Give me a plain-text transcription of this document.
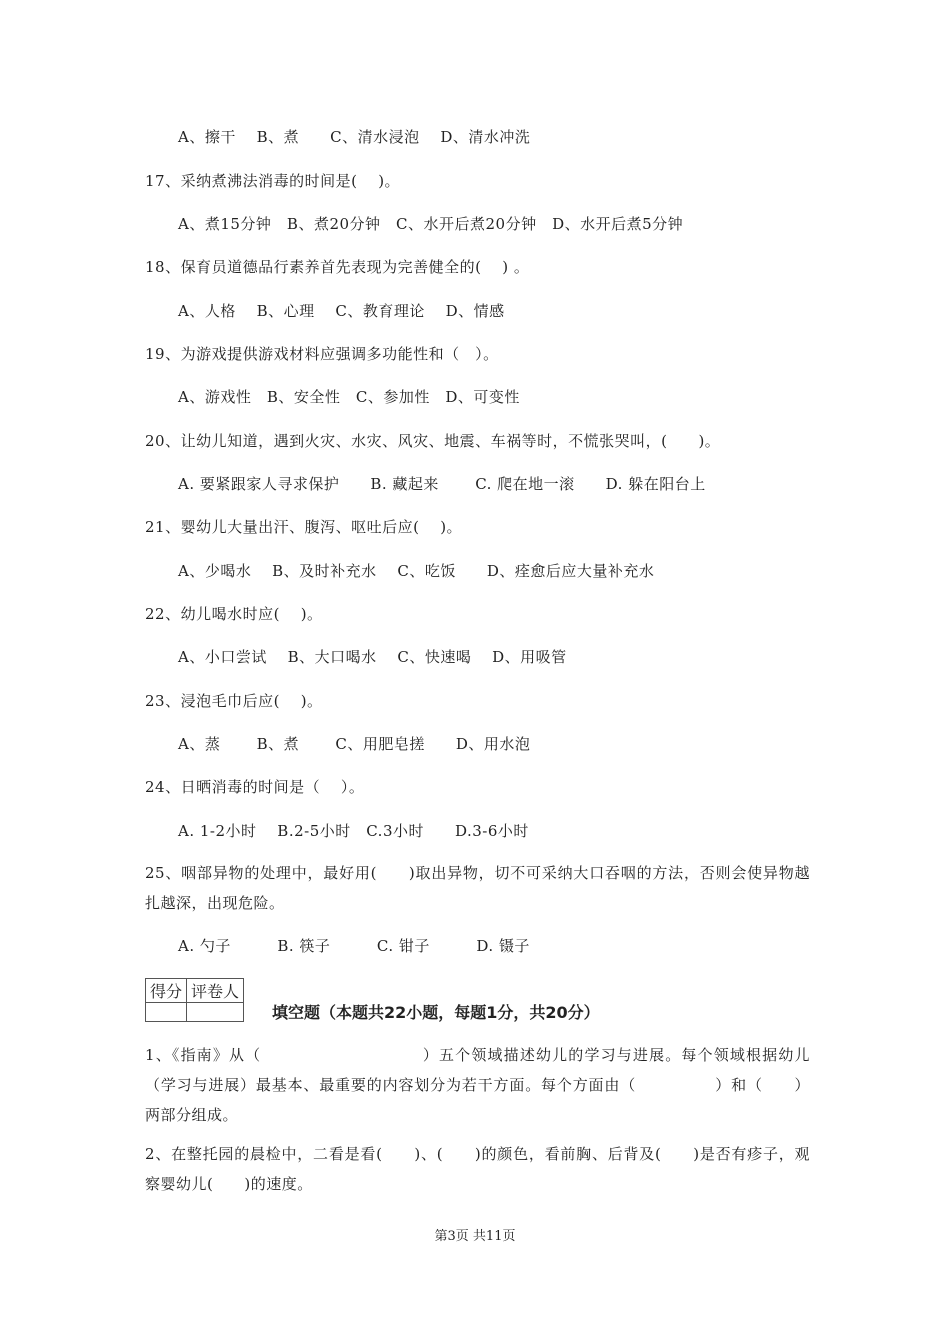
A、擦干　 B、煮　　C、清水浸泡　 D、清水冲洗
17、采纳煮沸法消毒的时间是(　 )。
A、煮15分钟　B、煮20分钟　C、水开后煮20分钟　D、水开后煮5分钟
18、保育员道德品行素养首先表现为完善健全的(　 ) 。
A、人格　 B、心理　 C、教育理论　 D、情感
19、为游戏提供游戏材料应强调多功能性和（　）。
A、游戏性　B、安全性　C、参加性　D、可变性
20、让幼儿知道，遇到火灾、水灾、风灾、地震、车祸等时，不慌张哭叫，(　　)。
A. 要紧跟家人寻求保护　　B. 藏起来　　 C. 爬在地一滚　　D. 躲在阳台上
21、婴幼儿大量出汗、腹泻、呕吐后应(　 )。
A、少喝水　 B、及时补充水　 C、吃饭　　D、痊愈后应大量补充水
22、幼儿喝水时应(　 )。
A、小口尝试　 B、大口喝水　 C、快速喝　 D、用吸管
23、浸泡毛巾后应(　 )。
A、蒸　　 B、煮　　 C、用肥皂搓　　D、用水泡
24、日晒消毒的时间是（　 ）。
A. 1-2小时　 B.2-5小时　C.3小时　　D.3-6小时
25、咽部异物的处理中，最好用(　　)取出异物，切不可采纳大口吞咽的方法，否则会使异物越扎越深，出现危险。
A. 勺子　　　B. 筷子　　　C. 钳子　　　D. 镊子
得分	评卷人

填空题（本题共22小题，每题1分，共20分）
1、《指南》从（　　　　　　　　　　）五个领域描述幼儿的学习与进展。每个领域根据幼儿（学习与进展）最基本、最重要的内容划分为若干方面。每个方面由（　　　　　）和（　　）两部分组成。
2、在整托园的晨检中，二看是看(　　)、(　　)的颜色，看前胸、后背及(　　)是否有疹子，观察婴幼儿(　　)的速度。
第3页 共11页
